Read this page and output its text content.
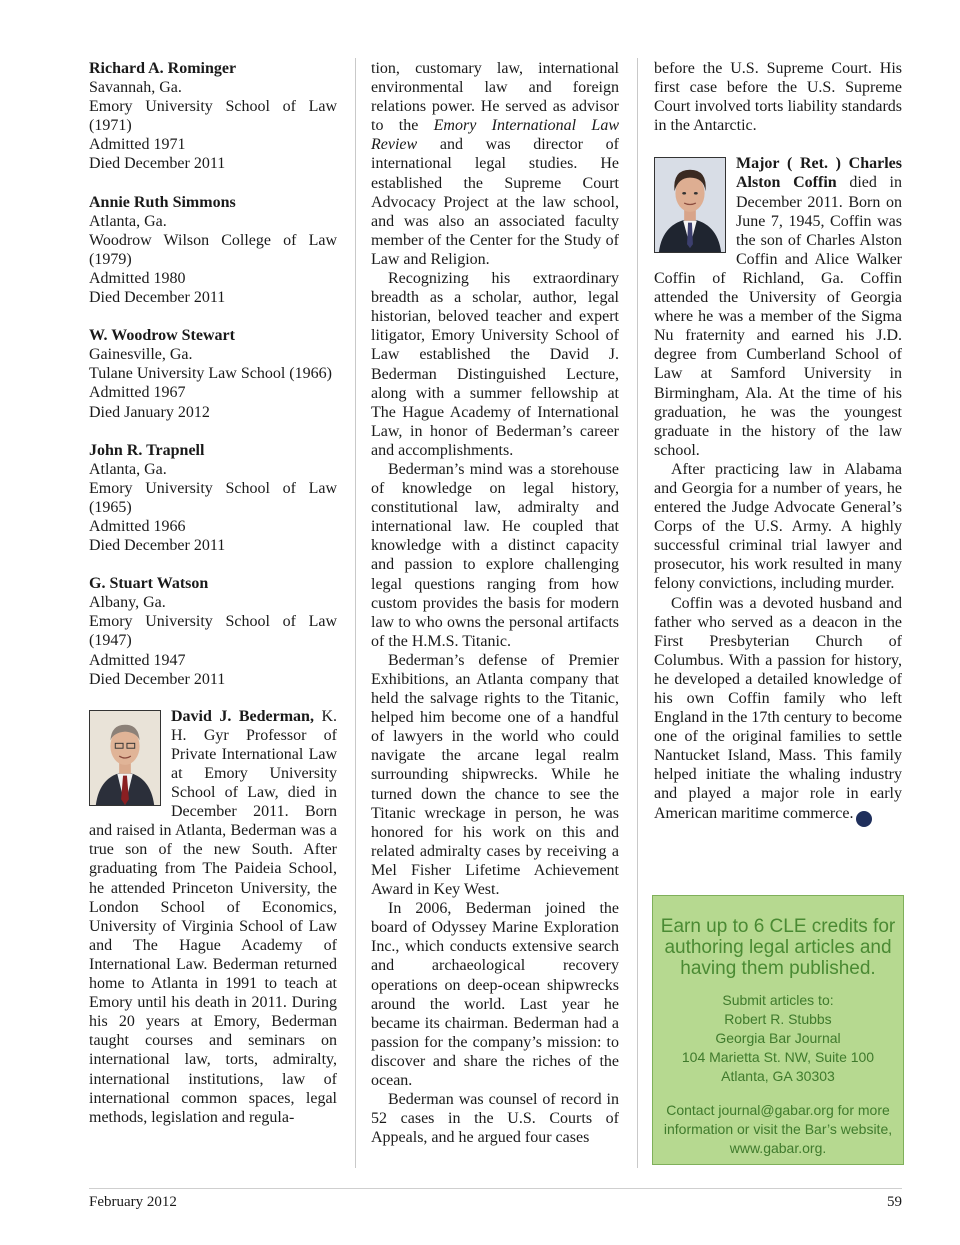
Richard A. Rominger
Savannah, Ga.
Emory University School of Law (1971)
Admitted 1971
Died December 2011
Annie Ruth Simmons
Atlanta, Ga.
Woodrow Wilson College of Law (1979)
Admitted 1980
Died December 2011
W. Woodrow Stewart
Gainesville, Ga.
Tulane University Law School (1966)
Admitted 1967
Died January 2012
John R. Trapnell
Atlanta, Ga.
Emory University School of Law (1965)
Admitted 1966
Died December 2011
G. Stuart Watson
Albany, Ga.
Emory University School of Law (1947)
Admitted 1947
Died December 2011

David J. Bederman, K. H. Gyr Professor of Private International Law at Emory University School of Law, died in December 2011. Born and raised in Atlanta, Bederman was a true son of the new South. After graduating from The Paideia School, he attended Princeton University, the London School of Economics, University of Virginia School of Law and The Hague Academy of International Law. Bederman returned home to Atlanta in 1991 to teach at Emory until his death in 2011. During his 20 years at Emory, Bederman taught courses and seminars on international law, torts, admiralty, international institutions, law of international common spaces, legal methods, legislation and regula-

tion, customary law, international environmental law and foreign relations power. He served as advisor to the Emory International Law Review and was director of international legal studies. He established the Supreme Court Advocacy Project at the law school, and was also an associated faculty member of the Center for the Study of Law and Religion.

Recognizing his extraordinary breadth as a scholar, author, legal historian, beloved teacher and expert litigator, Emory University School of Law established the David J. Bederman Distinguished Lecture, along with a summer fellowship at The Hague Academy of International Law, in honor of Bederman’s career and accomplishments.

Bederman’s mind was a storehouse of knowledge on legal history, constitutional law, admiralty and international law. He coupled that knowledge with a distinct capacity and passion to explore challenging legal questions ranging from how custom provides the basis for modern law to who owns the personal artifacts of the H.M.S. Titanic.

Bederman’s defense of Premier Exhibitions, an Atlanta company that held the salvage rights to the Titanic, helped him become one of a handful of lawyers in the world who could navigate the arcane legal realm surrounding shipwrecks. While he turned down the chance to see the Titanic wreckage in person, he was honored for his work on this and related admiralty cases by receiving a Mel Fisher Lifetime Achievement Award in Key West.

In 2006, Bederman joined the board of Odyssey Marine Exploration Inc., which conducts extensive search and archaeological recovery operations on deep-ocean shipwrecks around the world. Last year he became its chairman. Bederman had a passion for the company’s mission: to discover and share the riches of the ocean.

Bederman was counsel of record in 52 cases in the U.S. Courts of Appeals, and he argued four cases

before the U.S. Supreme Court. His first case before the U.S. Supreme Court involved torts liability standards in the Antarctic.

Major ( Ret. ) Charles Alston Coffin died in December 2011. Born on June 7, 1945, Coffin was the son of Charles Alston Coffin and Alice Walker Coffin of Richland, Ga. Coffin attended the University of Georgia where he was a member of the Sigma Nu fraternity and earned his J.D. degree from Cumberland School of Law at Samford University in Birmingham, Ala. At the time of his graduation, he was the youngest graduate in the history of the law school.

After practicing law in Alabama and Georgia for a number of years, he entered the Judge Advocate General’s Corps of the U.S. Army. A highly successful criminal trial lawyer and prosecutor, his work resulted in many felony convictions, including murder.

Coffin was a devoted husband and father who served as a deacon in the First Presbyterian Church of Columbus. With a passion for history, he developed a detailed knowledge of his own Coffin family who left England in the 17th century to become one of the original families to settle Nantucket Island, Mass. This family helped initiate the whaling industry and played a major role in early American maritime commerce.	GBJ

Earn up to 6 CLE credits for authoring legal articles and having them published.
Submit articles to:
Robert R. Stubbs
Georgia Bar Journal
104 Marietta St. NW, Suite 100
Atlanta, GA 30303
Contact journal@gabar.org for more information or visit the Bar’s website, www.gabar.org.
February 2012	59
